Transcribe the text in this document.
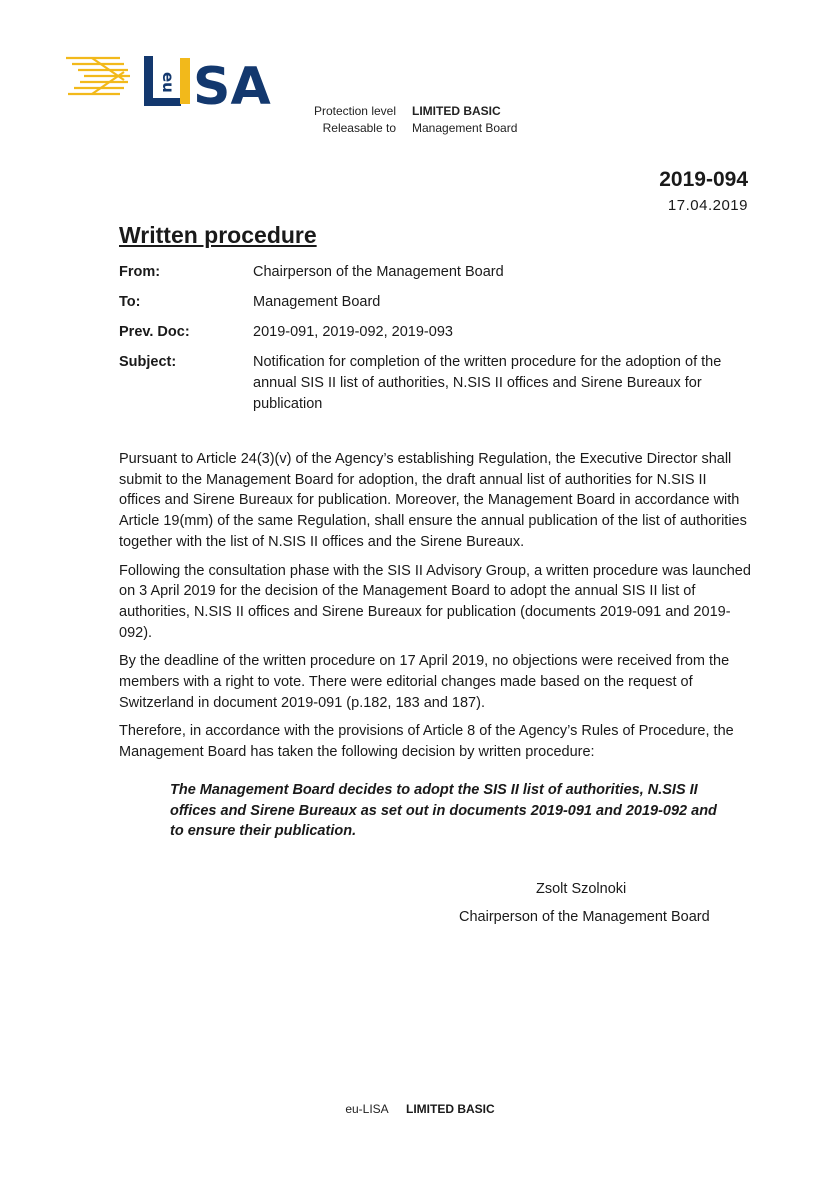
eu SA	Protection level	LIMITED BASIC
Releasable to	Management Board
2019-094
17.04.2019
Written procedure
From:	Chairperson of the Management Board
To:	Management Board
Prev. Doc:	2019-091, 2019-092, 2019-093
Subject:	Notification for completion of the written procedure for the adoption of the annual SIS II list of authorities, N.SIS II offices and Sirene Bureaux for publication

Pursuant to Article 24(3)(v) of the Agency’s establishing Regulation, the Executive Director shall submit to the Management Board for adoption, the draft annual list of authorities for N.SIS II offices and Sirene Bureaux for publication. Moreover, the Management Board in accordance with Article 19(mm) of the same Regulation, shall ensure the annual publication of the list of authorities together with the list of N.SIS II offices and the Sirene Bureaux.

Following the consultation phase with the SIS II Advisory Group, a written procedure was launched on 3 April 2019 for the decision of the Management Board to adopt the annual SIS II list of authorities, N.SIS II offices and Sirene Bureaux for publication (documents 2019-091 and 2019-092).

By the deadline of the written procedure on 17 April 2019, no objections were received from the members with a right to vote. There were editorial changes made based on the request of Switzerland in document 2019-091 (p.182, 183 and 187).

Therefore, in accordance with the provisions of Article 8 of the Agency’s Rules of Procedure, the Management Board has taken the following decision by written procedure:

The Management Board decides to adopt the SIS II list of authorities, N.SIS II offices and Sirene Bureaux as set out in documents 2019-091 and 2019-092 and to ensure their publication.
Zsolt Szolnoki
Chairperson of the Management Board
eu-LISA LIMITED BASIC
